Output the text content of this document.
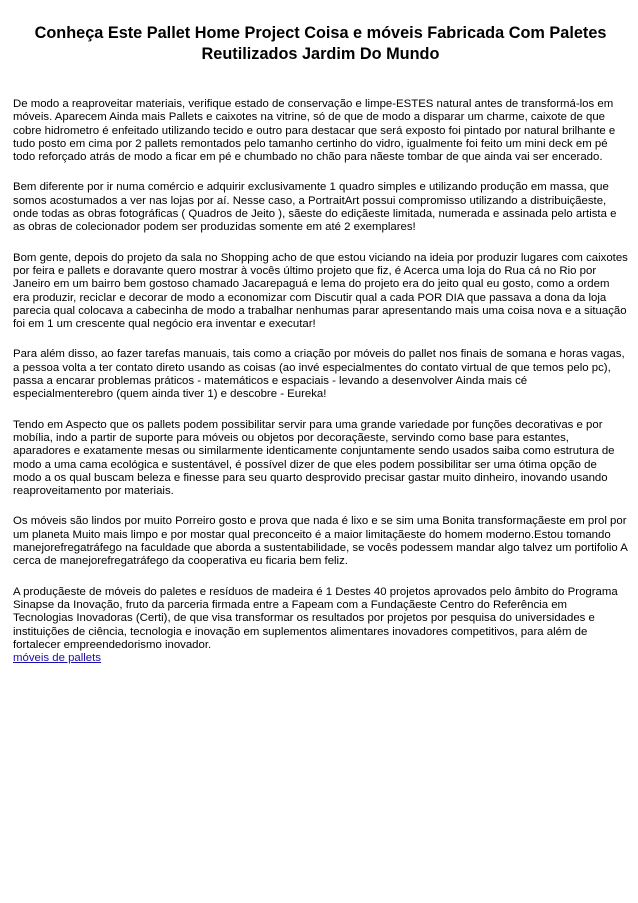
Conheça Este Pallet Home Project Coisa e móveis Fabricada Com Paletes Reutilizados Jardim Do Mundo

De modo a reaproveitar materiais, verifique estado de conservação e limpe-ESTES natural antes de transformá-los em móveis. Aparecem Ainda mais Pallets e caixotes na vitrine, só de que de modo a disparar um charme, caixote de que cobre hidrometro é enfeitado utilizando tecido e outro para destacar que será exposto foi pintado por natural brilhante e tudo posto em cima por 2 pallets remontados pelo tamanho certinho do vidro, igualmente foi feito um mini deck em pé todo reforçado atrás de modo a ficar em pé e chumbado no chão para nãeste tombar de que ainda vai ser encerado.

Bem diferente por ir numa comércio e adquirir exclusivamente 1 quadro simples e utilizando produção em massa, que somos acostumados a ver nas lojas por aí. Nesse caso, a PortraitArt possui compromisso utilizando a distribuiçãeste, onde todas as obras fotográficas ( Quadros de Jeito ), sãeste do ediçãeste limitada, numerada e assinada pelo artista e as obras de colecionador podem ser produzidas somente em até 2 exemplares!

Bom gente, depois do projeto da sala no Shopping acho de que estou viciando na ideia por produzir lugares com caixotes por feira e pallets e doravante quero mostrar à vocês último projeto que fiz, é Acerca uma loja do Rua cá no Rio por Janeiro em um bairro bem gostoso chamado Jacarepaguá e lema do projeto era do jeito qual eu gosto, como a ordem era produzir, reciclar e decorar de modo a economizar com Discutir qual a cada POR DIA que passava a dona da loja parecia qual colocava a cabecinha de modo a trabalhar nenhumas parar apresentando mais uma coisa nova e a situação foi em 1 um crescente qual negócio era inventar e executar!

Para além disso, ao fazer tarefas manuais, tais como a criação por móveis do pallet nos finais de somana e horas vagas, a pessoa volta a ter contato direto usando as coisas (ao invé especialmentes do contato virtual de que temos pelo pc), passa a encarar problemas práticos - matemáticos e espaciais - levando a desenvolver Ainda mais cé especialmenterebro (quem ainda tiver 1) e descobre - Eureka!

Tendo em Aspecto que os pallets podem possibilitar servir para uma grande variedade por funções decorativas e por mobília, indo a partir de suporte para móveis ou objetos por decoraçãeste, servindo como base para estantes, aparadores e exatamente mesas ou similarmente identicamente conjuntamente sendo usados saiba como estrutura de modo a uma cama ecológica e sustentável, é possível dizer de que eles podem possibilitar ser uma ótima opção de modo a os qual buscam beleza e finesse para seu quarto desprovido precisar gastar muito dinheiro, inovando usando reaproveitamento por materiais.

Os móveis são lindos por muito Porreiro gosto e prova que nada é lixo e se sim uma Bonita transformaçãeste em prol por um planeta Muito mais limpo e por mostar qual preconceito é a maior limitaçãeste do homem moderno.Estou tomando manejorefregatráfego na faculdade que aborda a sustentabilidade, se vocês podessem mandar algo talvez um portifolio A cerca de manejorefregatráfego da cooperativa eu ficaria bem feliz.

A produçãeste de móveis do paletes e resíduos de madeira é 1 Destes 40 projetos aprovados pelo âmbito do Programa Sinapse da Inovação, fruto da parceria firmada entre a Fapeam com a Fundaçãeste Centro do Referência em Tecnologias Inovadoras (Certi), de que visa transformar os resultados por projetos por pesquisa do universidades e instituições de ciência, tecnologia e inovação em suplementos alimentares inovadores competitivos, para além de fortalecer empreendedorismo inovador.

móveis de pallets
